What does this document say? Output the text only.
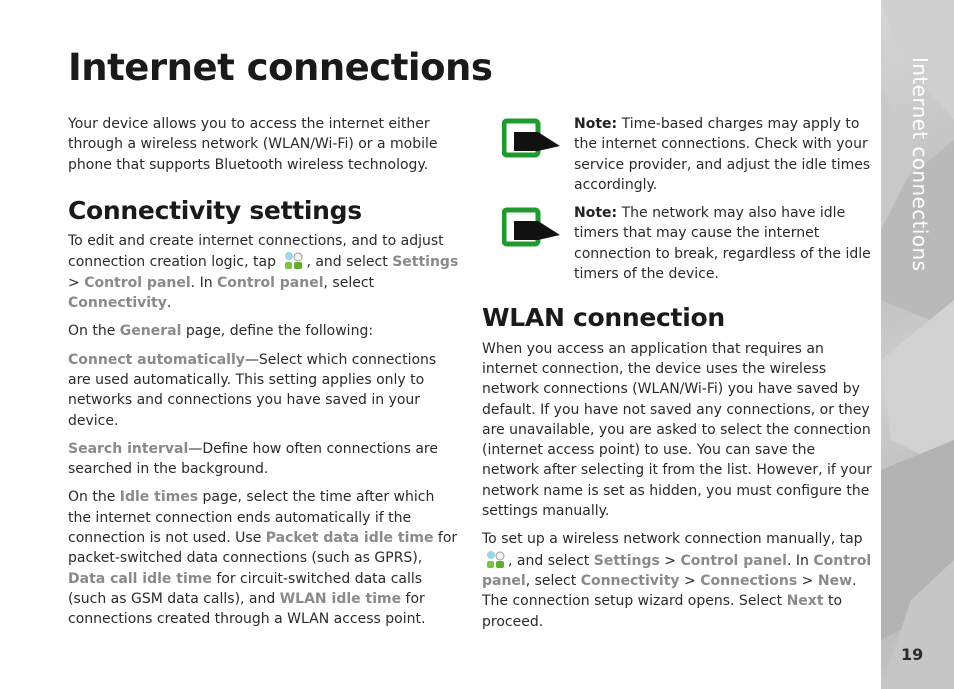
Internet connections

Your device allows you to access the internet either through a wireless network (WLAN/Wi-Fi) or a mobile phone that supports Bluetooth wireless technology.

Connectivity settings

To edit and create internet connections, and to adjust connection creation logic, tap , and select Settings > Control panel. In Control panel, select Connectivity.

On the General page, define the following:

Connect automatically—Select which connections are used automatically. This setting applies only to networks and connections you have saved in your device.

Search interval—Define how often connections are searched in the background.

On the Idle times page, select the time after which the internet connection ends automatically if the connection is not used. Use Packet data idle time for packet-switched data connections (such as GPRS), Data call idle time for circuit-switched data calls (such as GSM data calls), and WLAN idle time for connections created through a WLAN access point.

Note: Time-based charges may apply to the internet connections. Check with your service provider, and adjust the idle times accordingly.
Note: The network may also have idle timers that may cause the internet connection to break, regardless of the idle timers of the device.
WLAN connection

When you access an application that requires an internet connection, the device uses the wireless network connections (WLAN/Wi-Fi) you have saved by default. If you have not saved any connections, or they are unavailable, you are asked to select the connection (internet access point) to use. You can save the network after selecting it from the list. However, if your network name is set as hidden, you must configure the settings manually.

To set up a wireless network connection manually, tap , and select Settings > Control panel. In Control panel, select Connectivity > Connections > New. The connection setup wizard opens. Select Next to proceed.

Internet connections
19
